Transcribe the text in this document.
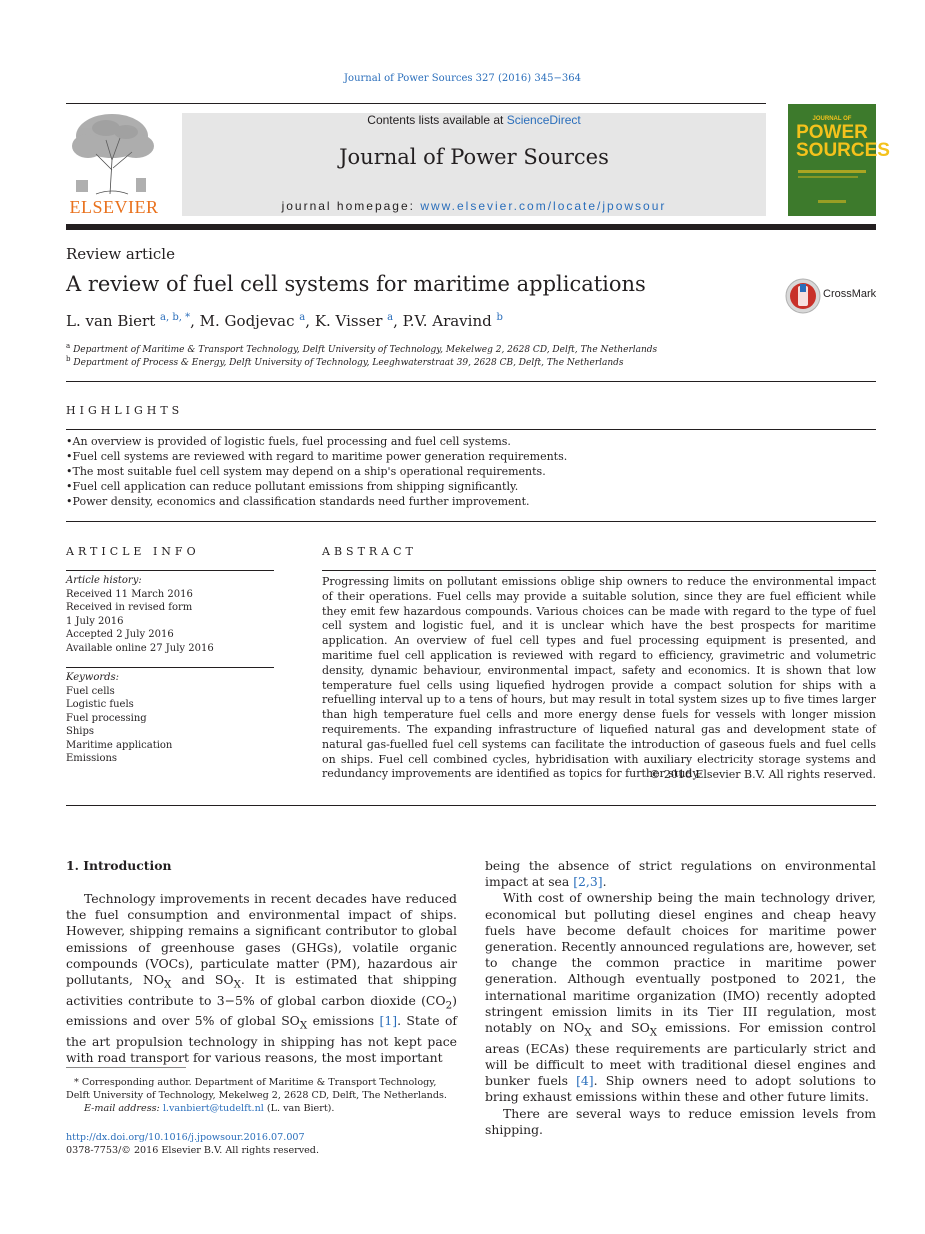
Journal of Power Sources 327 (2016) 345−364
ELSEVIER
Contents lists available at ScienceDirect
Journal of Power Sources
journal homepage: www.elsevier.com/locate/jpowsour
JOURNAL OF
POWER
SOURCES
Review article
A review of fuel cell systems for maritime applications	CrossMark
L. van Biert $^{a, b, *}$, M. Godjevac $^a$, K. Visser $^a$, P.V. Aravind $^b$
$^a$ Department of Maritime & Transport Technology, Delft University of Technology, Mekelweg 2, 2628 CD, Delft, The Netherlands
$^b$ Department of Process & Energy, Delft University of Technology, Leeghwaterstraat 39, 2628 CB, Delft, The Netherlands
HIGHLIGHTS
• An overview is provided of logistic fuels, fuel processing and fuel cell systems.
• Fuel cell systems are reviewed with regard to maritime power generation requirements.
• The most suitable fuel cell system may depend on a ship's operational requirements.
• Fuel cell application can reduce pollutant emissions from shipping significantly.
• Power density, economics and classification standards need further improvement.
ARTICLE INFO
Article history:
Received 11 March 2016
Received in revised form
1 July 2016
Accepted 2 July 2016
Available online 27 July 2016
Keywords:
Fuel cells
Logistic fuels
Fuel processing
Ships
Maritime application
Emissions
ABSTRACT
Progressing limits on pollutant emissions oblige ship owners to reduce the environmental impact of their operations. Fuel cells may provide a suitable solution, since they are fuel efficient while they emit few hazardous compounds. Various choices can be made with regard to the type of fuel cell system and logistic fuel, and it is unclear which have the best prospects for maritime application. An overview of fuel cell types and fuel processing equipment is presented, and maritime fuel cell application is reviewed with regard to efficiency, gravimetric and volumetric density, dynamic behaviour, environmental impact, safety and economics. It is shown that low temperature fuel cells using liquefied hydrogen provide a compact solution for ships with a refuelling interval up to a tens of hours, but may result in total system sizes up to five times larger than high temperature fuel cells and more energy dense fuels for vessels with longer mission requirements. The expanding infrastructure of liquefied natural gas and development state of natural gas-fuelled fuel cell systems can facilitate the introduction of gaseous fuels and fuel cells on ships. Fuel cell combined cycles, hybridisation with auxiliary electricity storage systems and redundancy improvements are identified as topics for further study.
© 2016 Elsevier B.V. All rights reserved.
1. Introduction

Technology improvements in recent decades have reduced the fuel consumption and environmental impact of ships. However, shipping remains a significant contributor to global emissions of greenhouse gases (GHGs), volatile organic compounds (VOCs), particulate matter (PM), hazardous air pollutants, $NO_X$ and $SO_X$. It is estimated that shipping activities contribute to 3−5% of global carbon dioxide $(CO_2)$ emissions and over 5% of global $SO_X$ emissions [1]. State of the art propulsion technology in shipping has not kept pace with road transport for various reasons, the most important

being the absence of strict regulations on environmental impact at sea [2,3].

With cost of ownership being the main technology driver, economical but polluting diesel engines and cheap heavy fuels have become default choices for maritime power generation. Recently announced regulations are, however, set to change the common practice in maritime power generation. Although eventually postponed to 2021, the international maritime organization (IMO) recently adopted stringent emission limits in its Tier III regulation, most notably on $NO_X$ and $SO_X$ emissions. For emission control areas (ECAs) these requirements are particularly strict and will be difficult to meet with traditional diesel engines and bunker fuels [4]. Ship owners need to adopt solutions to bring exhaust emissions within these and other future limits.

There are several ways to reduce emission levels from shipping.

* Corresponding author. Department of Maritime & Transport Technology, Delft University of Technology, Mekelweg 2, 2628 CD, Delft, The Netherlands.
E-mail address: l.vanbiert@tudelft.nl (L. van Biert).
http://dx.doi.org/10.1016/j.jpowsour.2016.07.007
0378-7753/© 2016 Elsevier B.V. All rights reserved.
